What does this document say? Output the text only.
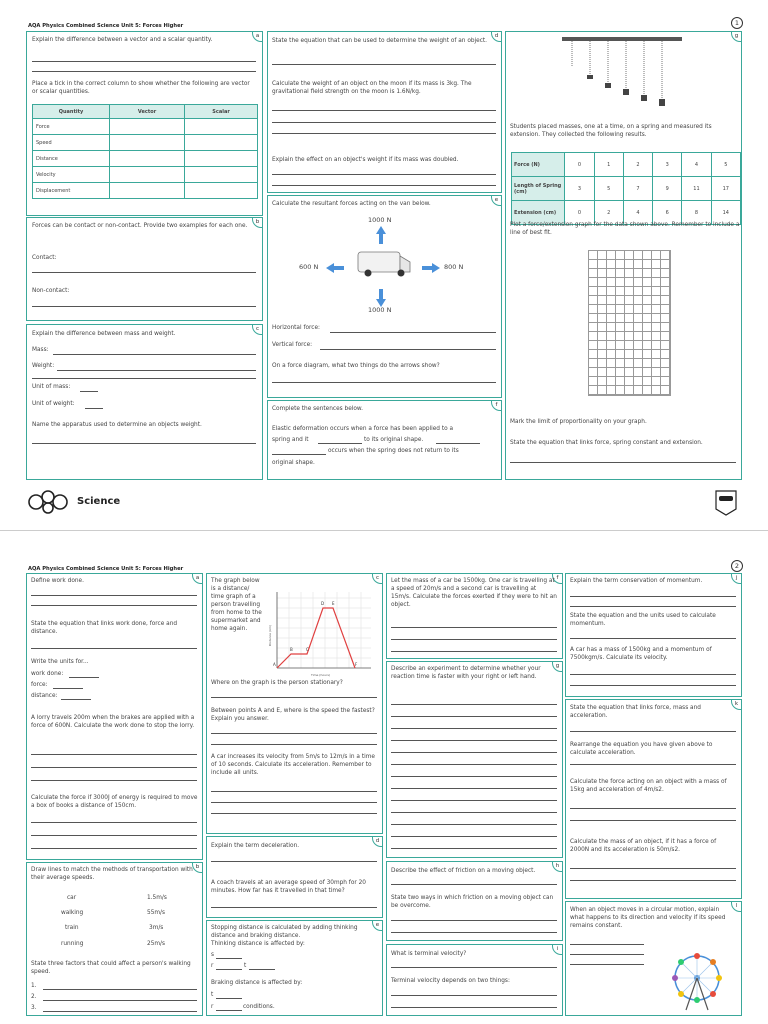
AQA Physics Combined Science Unit 5: Forces Higher	1
a
Explain the difference between a vector and a scalar quantity.
Place a tick in the correct column to show whether the following are vector or scalar quantities.
Quantity	Vector	Scalar
Force		
Speed		
Distance		
Velocity		
Displacement		
b
Forces can be contact or non-contact. Provide two examples for each one.
Contact:
Non-contact:
c
Explain the difference between mass and weight.
Mass:
Weight:
Unit of mass:
Unit of weight:
Name the apparatus used to determine an objects weight.
d
State the equation that can be used to determine the weight of an object.
Calculate the weight of an object on the moon if its mass is 3kg. The gravitational field strength on the moon is 1.6N/kg.
Explain the effect on an object's weight if its mass was doubled.
e
Calculate the resultant forces acting on the van below.
1000 N
600 N	800 N
1000 N
Horizontal force:
Vertical force:
On a force diagram, what two things do the arrows show?
f
Complete the sentences below.
Elastic deformation occurs when a force has been applied to a
spring and it	to its original shape.
occurs when the spring does not return to its
original shape.
g
Students placed masses, one at a time, on a spring and measured its extension. They collected the following results.
Force (N)	0	1	2	3	4	5
Length of Spring (cm)	3	5	7	9	11	17
Extension (cm)	0	2	4	6	8	14
Plot a force/extension graph for the data shown above. Remember to include a line of best fit.
Mark the limit of proportionality on your graph.
State the equation that links force, spring constant and extension.
Science
AQA Physics Combined Science Unit 5: Forces Higher	2
a
Define work done.
State the equation that links work done, force and distance.
Write the units for...
work done:
force:
distance:
A lorry travels 200m when the brakes are applied with a force of 600N. Calculate the work done to stop the lorry.
Calculate the force if 3000J of energy is required to move a box of books a distance of 150cm.
b
Draw lines to match the methods of transportation with their average speeds.
car	1.5m/s
walking	55m/s
train	3m/s
running	25m/s
State three factors that could affect a person's walking speed.
1.
2.
3.
c
The graph below is a distance/ time graph of a person travelling from home to the supermarket and home again.
A
B	C
D E
F
Distance (km)
Time (hours)
Where on the graph is the person stationary?
Between points A and E, where is the speed the fastest? Explain you answer.
A car increases its velocity from 5m/s to 12m/s in a time of 10 seconds. Calculate its acceleration. Remember to include all units.
d
Explain the term deceleration.
A coach travels at an average speed of 30mph for 20 minutes. How far has it travelled in that time?
e
Stopping distance is calculated by adding thinking distance and braking distance.
Thinking distance is affected by:
s
r	t
Braking distance is affected by:
t
r	conditions.
f
Let the mass of a car be 1500kg. One car is travelling at a speed of 20m/s and a second car is travelling at 15m/s. Calculate the forces exerted if they were to hit an object.
g
Describe an experiment to determine whether your reaction time is faster with your right or left hand.
h
Describe the effect of friction on a moving object.
State two ways in which friction on a moving object can be overcome.
i
What is terminal velocity?
Terminal velocity depends on two things:
j
Explain the term conservation of momentum.
State the equation and the units used to calculate momentum.
A car has a mass of 1500kg and a momentum of 7500kgm/s. Calculate its velocity.
k
State the equation that links force, mass and acceleration.
Rearrange the equation you have given above to calculate acceleration.
Calculate the force acting on an object with a mass of 15kg and acceleration of 4m/s2.
Calculate the mass of an object, if it has a force of 2000N and its acceleration is 50m/s2.
l
When an object moves in a circular motion, explain what happens to its direction and velocity if its speed remains constant.
